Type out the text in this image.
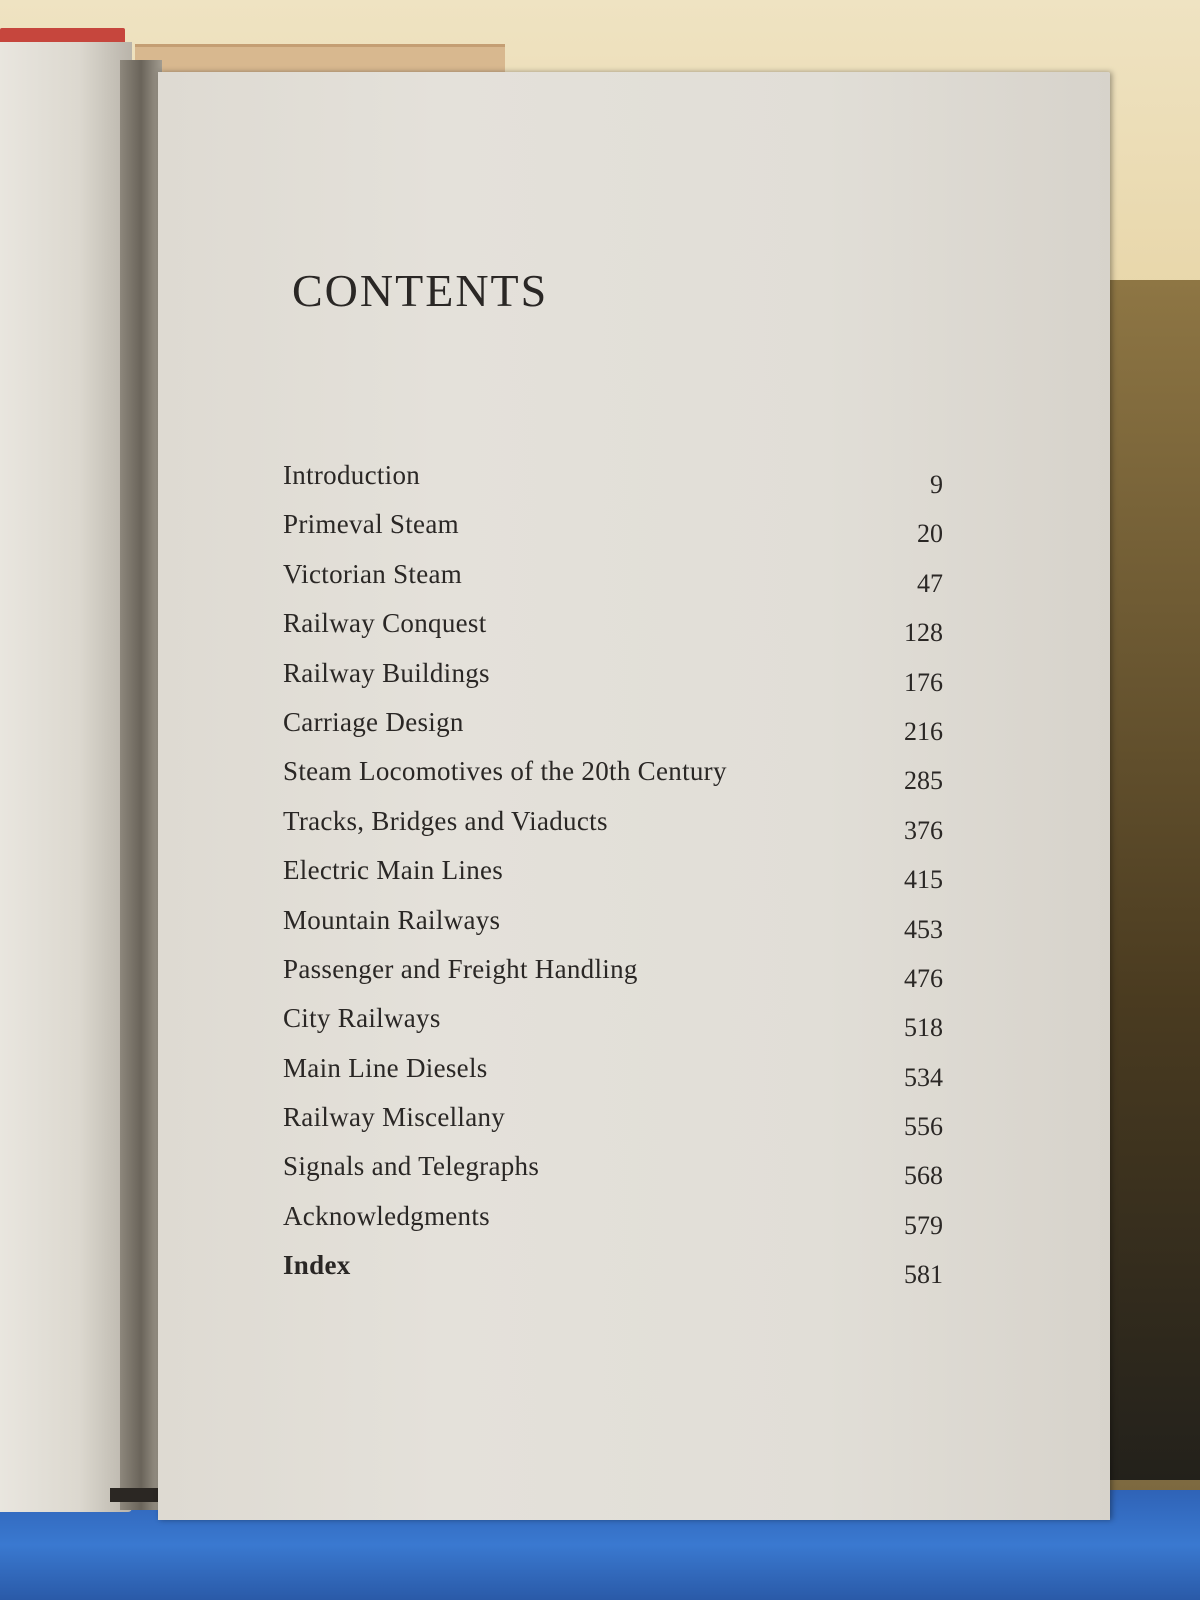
CONTENTS
Introduction	9
Primeval Steam	20
Victorian Steam	47
Railway Conquest	128
Railway Buildings	176
Carriage Design	216
Steam Locomotives of the 20th Century	285
Tracks, Bridges and Viaducts	376
Electric Main Lines	415
Mountain Railways	453
Passenger and Freight Handling	476
City Railways	518
Main Line Diesels	534
Railway Miscellany	556
Signals and Telegraphs	568
Acknowledgments	579
Index	581
